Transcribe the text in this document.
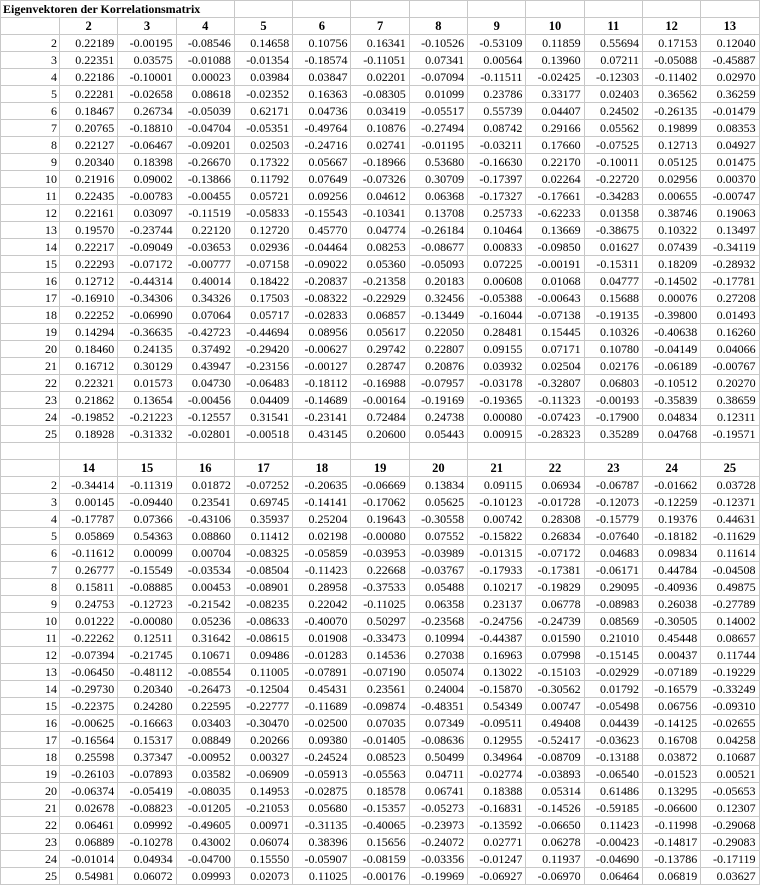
Eigenvektoren der Korrelationsmatrix												
	2	3	4	5	6	7	8	9	10	11	12	13
2	0.22189	-0.00195	-0.08546	0.14658	0.10756	0.16341	-0.10526	-0.53109	0.11859	0.55694	0.17153	0.12040
3	0.22351	0.03575	-0.01088	-0.01354	-0.18574	-0.11051	0.07341	0.00564	0.13960	0.07211	-0.05088	-0.45887
4	0.22186	-0.10001	0.00023	0.03984	0.03847	0.02201	-0.07094	-0.11511	-0.02425	-0.12303	-0.11402	0.02970
5	0.22281	-0.02658	0.08618	-0.02352	0.16363	-0.08305	0.01099	0.23786	0.33177	0.02403	0.36562	0.36259
6	0.18467	0.26734	-0.05039	0.62171	0.04736	0.03419	-0.05517	0.55739	0.04407	0.24502	-0.26135	-0.01479
7	0.20765	-0.18810	-0.04704	-0.05351	-0.49764	0.10876	-0.27494	0.08742	0.29166	0.05562	0.19899	0.08353
8	0.22127	-0.06467	-0.09201	0.02503	-0.24716	0.02741	-0.01195	-0.03211	0.17660	-0.07525	0.12713	0.04927
9	0.20340	0.18398	-0.26670	0.17322	0.05667	-0.18966	0.53680	-0.16630	0.22170	-0.10011	0.05125	0.01475
10	0.21916	0.09002	-0.13866	0.11792	0.07649	-0.07326	0.30709	-0.17397	0.02264	-0.22720	0.02956	0.00370
11	0.22435	-0.00783	-0.00455	0.05721	0.09256	0.04612	0.06368	-0.17327	-0.17661	-0.34283	0.00655	-0.00747
12	0.22161	0.03097	-0.11519	-0.05833	-0.15543	-0.10341	0.13708	0.25733	-0.62233	0.01358	0.38746	0.19063
13	0.19570	-0.23744	0.22120	0.12720	0.45770	0.04774	-0.26184	0.10464	0.13669	-0.38675	0.10322	0.13497
14	0.22217	-0.09049	-0.03653	0.02936	-0.04464	0.08253	-0.08677	0.00833	-0.09850	0.01627	0.07439	-0.34119
15	0.22293	-0.07172	-0.00777	-0.07158	-0.09022	0.05360	-0.05093	0.07225	-0.00191	-0.15311	0.18209	-0.28932
16	0.12712	-0.44314	0.40014	0.18422	-0.20837	-0.21358	0.20183	0.00608	0.01068	0.04777	-0.14502	-0.17781
17	-0.16910	-0.34306	0.34326	0.17503	-0.08322	-0.22929	0.32456	-0.05388	-0.00643	0.15688	0.00076	0.27208
18	0.22252	-0.06990	0.07064	0.05717	-0.02833	0.06857	-0.13449	-0.16044	-0.07138	-0.19135	-0.39800	0.01493
19	0.14294	-0.36635	-0.42723	-0.44694	0.08956	0.05617	0.22050	0.28481	0.15445	0.10326	-0.40638	0.16260
20	0.18460	0.24135	0.37492	-0.29420	-0.00627	0.29742	0.22807	0.09155	0.07171	0.10780	-0.04149	0.04066
21	0.16712	0.30129	0.43947	-0.23156	-0.00127	0.28747	0.20876	0.03932	0.02504	0.02176	-0.06189	-0.00767
22	0.22321	0.01573	0.04730	-0.06483	-0.18112	-0.16988	-0.07957	-0.03178	-0.32807	0.06803	-0.10512	0.20270
23	0.21862	0.13654	-0.00456	0.04409	-0.14689	-0.00164	-0.19169	-0.19365	-0.11323	-0.00193	-0.35839	0.38659
24	-0.19852	-0.21223	-0.12557	0.31541	-0.23141	0.72484	0.24738	0.00080	-0.07423	-0.17900	0.04834	0.12311
25	0.18928	-0.31332	-0.02801	-0.00518	0.43145	0.20600	0.05443	0.00915	-0.28323	0.35289	0.04768	-0.19571

	14	15	16	17	18	19	20	21	22	23	24	25
2	-0.34414	-0.11319	0.01872	-0.07252	-0.20635	-0.06669	0.13834	0.09115	0.06934	-0.06787	-0.01662	0.03728
3	0.00145	-0.09440	0.23541	0.69745	-0.14141	-0.17062	0.05625	-0.10123	-0.01728	-0.12073	-0.12259	-0.12371
4	-0.17787	0.07366	-0.43106	0.35937	0.25204	0.19643	-0.30558	0.00742	0.28308	-0.15779	0.19376	0.44631
5	0.05869	0.54363	0.08860	0.11412	0.02198	-0.00080	0.07552	-0.15822	0.26834	-0.07640	-0.18182	-0.11629
6	-0.11612	0.00099	0.00704	-0.08325	-0.05859	-0.03953	-0.03989	-0.01315	-0.07172	0.04683	0.09834	0.11614
7	0.26777	-0.15549	-0.03534	-0.08504	-0.11423	0.22668	-0.03767	-0.17933	-0.17381	-0.06171	0.44784	-0.04508
8	0.15811	-0.08885	0.00453	-0.08901	0.28958	-0.37533	0.05488	0.10217	-0.19829	0.29095	-0.40936	0.49875
9	0.24753	-0.12723	-0.21542	-0.08235	0.22042	-0.11025	0.06358	0.23137	0.06778	-0.08983	0.26038	-0.27789
10	0.01222	-0.00080	0.05236	-0.08633	-0.40070	0.50297	-0.23568	-0.24756	-0.24739	0.08569	-0.30505	0.14002
11	-0.22262	0.12511	0.31642	-0.08615	0.01908	-0.33473	0.10994	-0.44387	0.01590	0.21010	0.45448	0.08657
12	-0.07394	-0.21745	0.10671	0.09486	-0.01283	0.14536	0.27038	0.16963	0.07998	-0.15145	0.00437	0.11744
13	-0.06450	-0.48112	-0.08554	0.11005	-0.07891	-0.07190	0.05074	0.13022	-0.15103	-0.02929	-0.07189	-0.19229
14	-0.29730	0.20340	-0.26473	-0.12504	0.45431	0.23561	0.24004	-0.15870	-0.30562	0.01792	-0.16579	-0.33249
15	-0.22375	0.24280	0.22595	-0.22777	-0.11689	-0.09874	-0.48351	0.54349	0.00747	-0.05498	0.06756	-0.09310
16	-0.00625	-0.16663	0.03403	-0.30470	-0.02500	0.07035	0.07349	-0.09511	0.49408	0.04439	-0.14125	-0.02655
17	-0.16564	0.15317	0.08849	0.20266	0.09380	-0.01405	-0.08636	0.12955	-0.52417	-0.03623	0.16708	0.04258
18	0.25598	0.37347	-0.00952	0.00327	-0.24524	0.08523	0.50499	0.34964	-0.08709	-0.13188	0.03872	0.10687
19	-0.26103	-0.07893	0.03582	-0.06909	-0.05913	-0.05563	0.04711	-0.02774	-0.03893	-0.06540	-0.01523	0.00521
20	-0.06374	-0.05419	-0.08035	0.14953	-0.02875	0.18578	0.06741	0.18388	0.05314	0.61486	0.13295	-0.05653
21	0.02678	-0.08823	-0.01205	-0.21053	0.05680	-0.15357	-0.05273	-0.16831	-0.14526	-0.59185	-0.06600	0.12307
22	0.06461	0.09992	-0.49605	0.00971	-0.31135	-0.40065	-0.23973	-0.13592	-0.06650	0.11423	-0.11998	-0.29068
23	0.06889	-0.10278	0.43002	0.06074	0.38396	0.15656	-0.24072	0.02771	0.06278	-0.00423	-0.14817	-0.29083
24	-0.01014	0.04934	-0.04700	0.15550	-0.05907	-0.08159	-0.03356	-0.01247	0.11937	-0.04690	-0.13786	-0.17119
25	0.54981	0.06072	0.09993	0.02073	0.11025	-0.00176	-0.19969	-0.06927	-0.06970	0.06464	0.06819	0.03627
